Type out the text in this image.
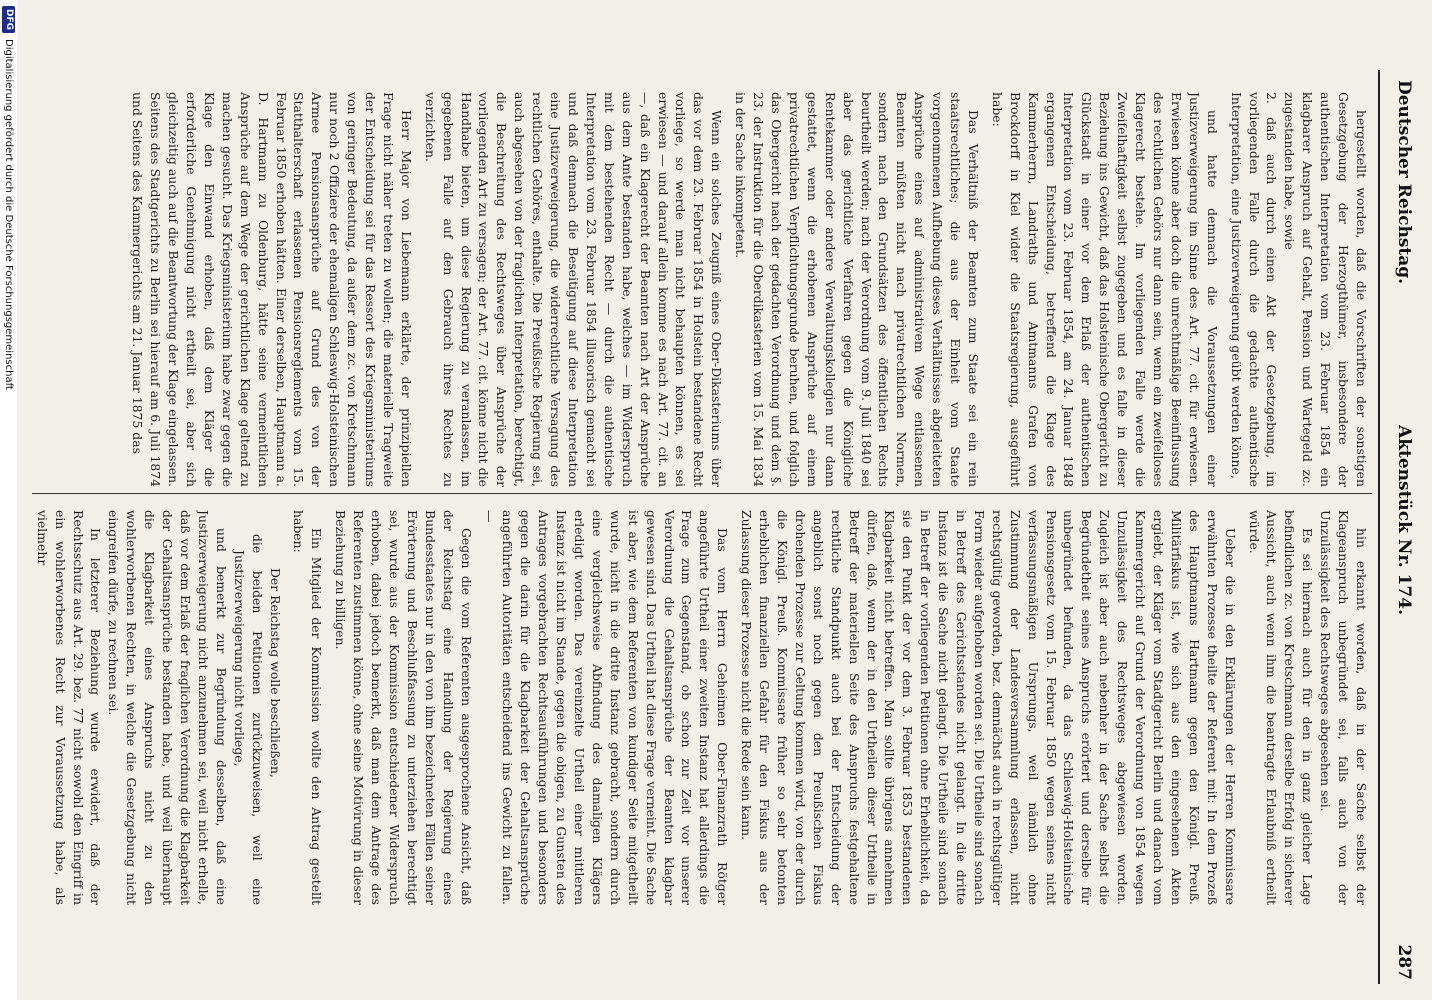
Deutscher Reichstag.
Aktenstück Nr. 174.
287

hergestellt worden, daß die Vorschriften der sonstigen Gesetzgebung der Herzogthümer, insbesondere der authentischen Interpretation vom 23. Februar 1854 ein klagbarer Anspruch auf Gehalt, Pension und Wartegeld zc. zugestanden habe, sowie

2. daß auch durch einen Akt der Gesetzgebung, im vorliegenden Falle durch die gedachte authentische Interpretation, eine Justizverweigerung geübt werden könne,

und hatte demnach die Voraussetzungen einer Justizverweigerung im Sinne des Art. 77. cit. für erwiesen. Erwiesen könne aber doch die unrechtmäßige Beeinflussung des rechtlichen Gehörs nur dann sein, wenn ein zweifelloses Klagerecht bestehe. Im vorliegenden Falle werde die Zweifelhaftigkeit selbst zugegeben und es falle in dieser Beziehung ins Gewicht, daß das Holsteinische Obergericht zu Glückstadt in einer vor dem Erlaß der authentischen Interpretation vom 23. Februar 1854, am 24. Januar 1848 ergangenen Entscheidung, betreffend die Klage des Kammerherrn, Landraths und Amtmanns Grafen von Brockdorff in Kiel wider die Staatsregierung, ausgeführt habe:

Das Verhältniß der Beamten zum Staate sei ein rein staatsrechtliches; die aus der Einheit vom Staate vorgenommenen Aufhebung dieses Verhältnisses abgeleiteten Ansprüche eines auf administrativem Wege entlassenen Beamten müßten nicht nach privatrechtlichen Normen, sondern nach den Grundsätzen des öffentlichen Rechts beurtheilt werden; nach der Verordnung vom 9. Juli 1840 sei aber das gerichtliche Verfahren gegen die Königliche Rentekammer oder andere Verwaltungskollegien nur dann gestattet, wenn die erhobenen Ansprüche auf einem privatrechtlichen Verpflichtungsgrunde beruhen, und folglich das Obergericht nach der gedachten Verordnung und dem §. 23. der Instruktion für die Oberdikasterien vom 15. Mai 1834 in der Sache inkompetent.

Wenn ein solches Zeugniß eines Ober-Dikasteriums über das vor dem 23. Februar 1854 in Holstein bestandene Recht vorliege, so werde man nicht behaupten können, es sei erwiesen — und darauf allein komme es nach Art. 77. cit. an —, daß ein Klagerecht der Beamten nach Art der Ansprüche aus dem Amte bestanden habe, welches — im Widerspruch mit dem bestehenden Recht — durch die authentische Interpretation vom 23. Februar 1854 illusorisch gemacht sei und daß demnach die Beseitigung auf diese Interpretation eine Justizverweigerung, die widerrechtliche Versagung des rechtlichen Gehöres, enthalte. Die Preußische Regierung sei, auch abgesehen von der fraglichen Interpretation, berechtigt, die Beschreitung des Rechtsweges über Ansprüche der vorliegenden Art zu versagen; der Art. 77. cit. könne nicht die Handhabe bieten, um diese Regierung zu veranlassen, im gegebenen Falle auf den Gebrauch ihres Rechtes zu verzichten.

Herr Major von Liebemann erklärte, der prinzipiellen Frage nicht näher treten zu wollen; die materielle Tragweite der Entscheidung sei für das Ressort des Kriegsministeriums von geringer Bedeutung, da außer dem zc. von Kretschmann nur noch 2 Offiziere der ehemaligen Schleswig-Holsteinischen Armee Pensionsansprüche auf Grund des von der Statthalterschaft erlassenen Pensionsreglements vom 15. Februar 1850 erhoben hätten. Einer derselben, Hauptmann a. D. Hartmann zu Oldenburg, hätte seine vermeintlichen Ansprüche auf dem Wege der gerichtlichen Klage geltend zu machen gesucht. Das Kriegsministerium habe zwar gegen die Klage den Einwand erhoben, daß dem Kläger die erforderliche Genehmigung nicht ertheilt sei, aber sich gleichzeitig auch auf die Beantwortung der Klage eingelassen. Seitens des Stadtgerichts zu Berlin sei hierauf am 6. Juli 1874 und Seitens des Kammergerichts am 21. Januar 1875 das

hin erkannt worden, daß in der Sache selbst der Klageanspruch unbegründet sei, falls auch von der Unzulässigkeit des Rechtsweges abgesehen sei.

Es sei hiernach auch für den in ganz gleicher Lage befindlichen zc. von Kretschmann derselbe Erfolg in sicherer Aussicht, auch wenn ihm die beantragte Erlaubniß ertheilt würde.

Ueber die in den Erklärungen der Herren Kommissare erwähnten Prozesse theilte der Referent mit: In dem Prozeß des Hauptmanns Hartmann gegen den Königl. Preuß. Militärfiskus ist, wie sich aus den eingesehenen Akten ergiebt, der Kläger vom Stadtgericht Berlin und danach vom Kammergericht auf Grund der Verordnung von 1854 wegen Unzulässigkeit des Rechtsweges abgewiesen worden. Zugleich ist aber auch nebenher in der Sache selbst die Begründetheit seines Anspruchs erörtert und derselbe für unbegründet befunden, da das Schleswig-Holsteinische Pensionsgesetz vom 15. Februar 1850 wegen seines nicht verfassungsmäßigen Ursprungs, weil nämlich ohne Zustimmung der Landesversammlung erlassen, nicht rechtsgültig geworden, bez. demnächst auch in rechtsgültiger Form wieder aufgehoben worden sei. Die Urtheile sind sonach in Betreff des Gerichtsstandes nicht gelangt. In die dritte Instanz ist die Sache nicht gelangt. Die Urtheile sind sonach in Betreff der vorliegenden Petitionen ohne Erheblichkeit, da sie den Punkt der vor dem 3. Februar 1853 bestandenen Klagbarkeit nicht betreffen. Man sollte übrigens annehmen dürfen, daß, wenn der in den Urtheilen dieser Urtheile in Betreff der materiellen Seite des Anspruchs festgehaltene rechtliche Standpunkt auch bei der Entscheidung der angeblich sonst noch gegen den Preußischen Fiskus drohenden Prozesse zur Geltung kommen wird, von der durch die Königl. Preuß. Kommissare früher so sehr betonten erheblichen finanziellen Gefahr für den Fiskus aus der Zulassung dieser Prozesse nicht die Rede sein kann.

Das vom Herrn Geheimen Ober-Finanzrath Rötger angeführte Urtheil einer zweiten Instanz hat allerdings die Frage zum Gegenstand, ob schon zur Zeit vor unserer Verordnung die Gehaltsansprüche der Beamten klagbar gewesen sind. Das Urtheil hat diese Frage verneint. Die Sache ist aber, wie dem Referenten von kundiger Seite mitgetheilt wurde, nicht in die dritte Instanz gebracht, sondern durch eine vergleichsweise Abfindung des damaligen Klägers erledigt worden. Das vereinzelte Urtheil einer mittleren Instanz ist nicht im Stande, gegen die obigen, zu Gunsten des Antrages vorgebrachten Rechtsausführungen und besonders gegen die darin für die Klagbarkeit der Gehaltsansprüche angeführten Autoritäten entscheidend ins Gewicht zu fallen. —

Gegen die vom Referenten ausgesprochene Ansicht, daß der Reichstag eine Handlung der Regierung eines Bundesstaates nur in den von ihm bezeichneten Fällen seiner Erörterung und Beschlußfassung zu unterziehen berechtigt sei, wurde aus der Kommission entschiedener Widerspruch erhoben, dabei jedoch bemerkt, daß man dem Antrage des Referenten zustimmen könne, ohne seine Motivirung in dieser Beziehung zu billigen.

Ein Mitglied der Kommission wollte den Antrag gestellt haben:

Der Reichstag wolle beschließen,

die beiden Petitionen zurückzuweisen, weil eine Justizverweigerung nicht vorliege,

und bemerkt zur Begründung desselben, daß eine Justizverweigerung nicht anzunehmen sei, weil nicht erhelle, daß vor dem Erlaß der fraglichen Verordnung die Klagbarkeit der Gehaltsansprüche bestanden habe, und weil überhaupt die Klagbarkeit eines Anspruchs nicht zu den wohlerworbenen Rechten, in welche die Gesetzgebung nicht eingreifen dürfe, zu rechnen sei.

In letzterer Beziehung wurde erwidert, daß der Rechtsschutz aus Art. 29. bez. 77 nicht sowohl den Eingriff in ein wohlerworbenes Recht zur Voraussetzung habe, als vielmehr

DFG
Digitalisierung gefördert durch die Deutsche Forschungsgemeinschaft
